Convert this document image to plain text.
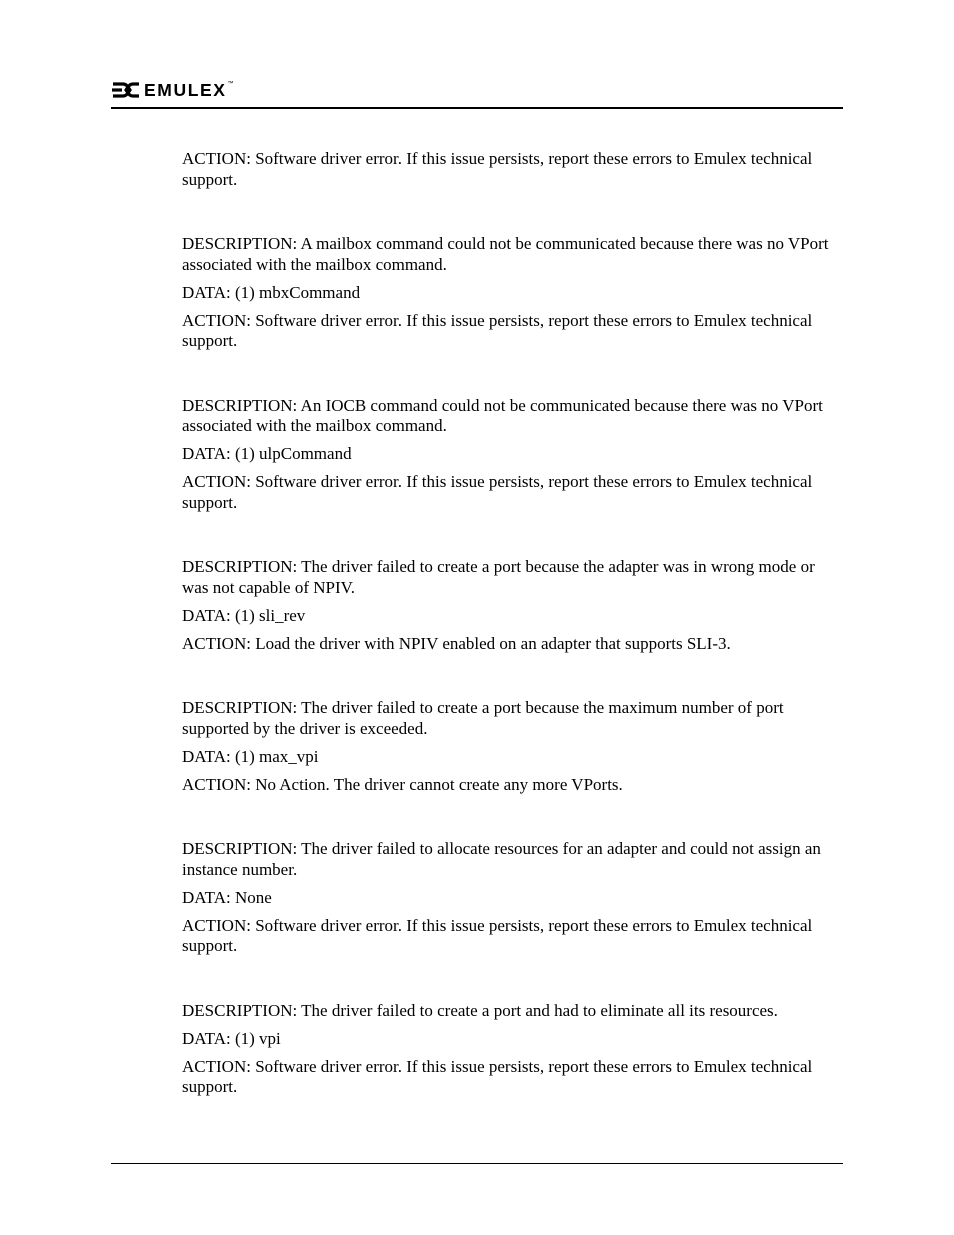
EMULEX ™

ACTION: Software driver error. If this issue persists, report these errors to Emulex technical support.

DESCRIPTION: A mailbox command could not be communicated because there was no VPort associated with the mailbox command.

DATA: (1) mbxCommand

ACTION: Software driver error. If this issue persists, report these errors to Emulex technical support.

DESCRIPTION: An IOCB command could not be communicated because there was no VPort associated with the mailbox command.

DATA: (1) ulpCommand

ACTION: Software driver error. If this issue persists, report these errors to Emulex technical support.

DESCRIPTION: The driver failed to create a port because the adapter was in wrong mode or was not capable of NPIV.

DATA: (1) sli_rev

ACTION: Load the driver with NPIV enabled on an adapter that supports SLI-3.

DESCRIPTION: The driver failed to create a port because the maximum number of port supported by the driver is exceeded.

DATA: (1) max_vpi

ACTION: No Action. The driver cannot create any more VPorts.

DESCRIPTION: The driver failed to allocate resources for an adapter and could not assign an instance number.

DATA: None

ACTION: Software driver error. If this issue persists, report these errors to Emulex technical support.

DESCRIPTION: The driver failed to create a port and had to eliminate all its resources.

DATA: (1) vpi

ACTION: Software driver error. If this issue persists, report these errors to Emulex technical support.
